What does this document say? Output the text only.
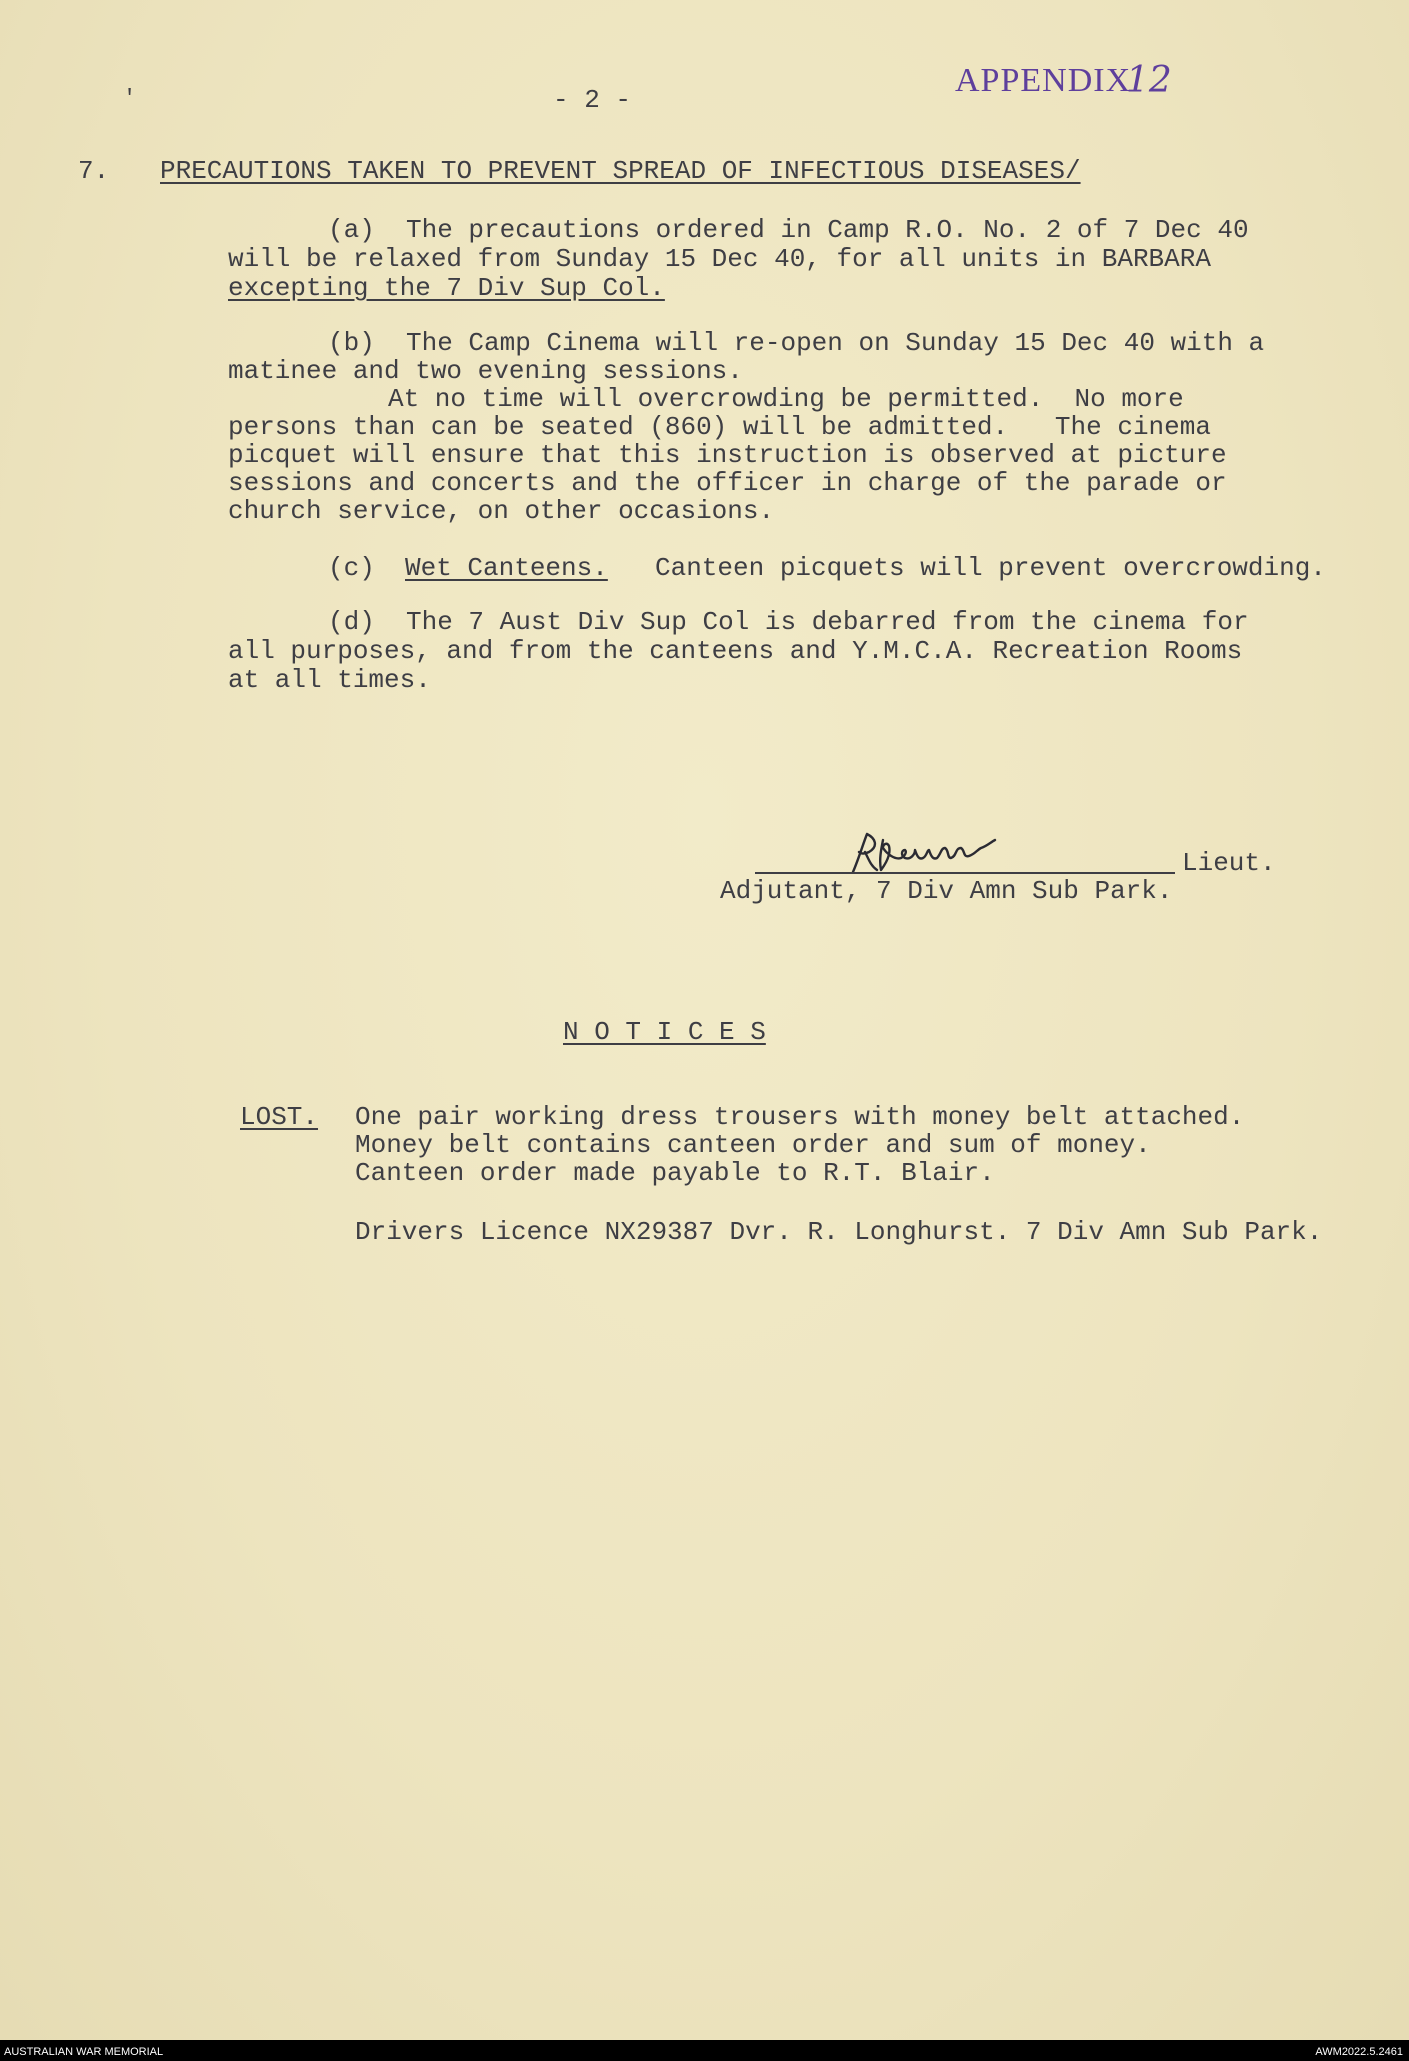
'	- 2 -

APPENDIX
12

7. PRECAUTIONS TAKEN TO PREVENT SPREAD OF INFECTIOUS DISEASES/

(a)  The precautions ordered in Camp R.O. No. 2 of 7 Dec 40

will be relaxed from Sunday 15 Dec 40, for all units in BARBARA

excepting the 7 Div Sup Col.

(b)  The Camp Cinema will re-open on Sunday 15 Dec 40 with a

matinee and two evening sessions.

At no time will overcrowding be permitted.  No more

persons than can be seated (860) will be admitted.   The cinema

picquet will ensure that this instruction is observed at picture

sessions and concerts and the officer in charge of the parade or

church service, on other occasions.

(c) Wet Canteens. Canteen picquets will prevent overcrowding.

(d)  The 7 Aust Div Sup Col is debarred from the cinema for

all purposes, and from the canteens and Y.M.C.A. Recreation Rooms

at all times.

Lieut.

Adjutant, 7 Div Amn Sub Park.

N O T I C E S

LOST. One pair working dress trousers with money belt attached.

Money belt contains canteen order and sum of money.

Canteen order made payable to R.T. Blair.

Drivers Licence NX29387 Dvr. R. Longhurst. 7 Div Amn Sub Park.

AUSTRALIAN WAR MEMORIAL	AWM2022.5.2461
